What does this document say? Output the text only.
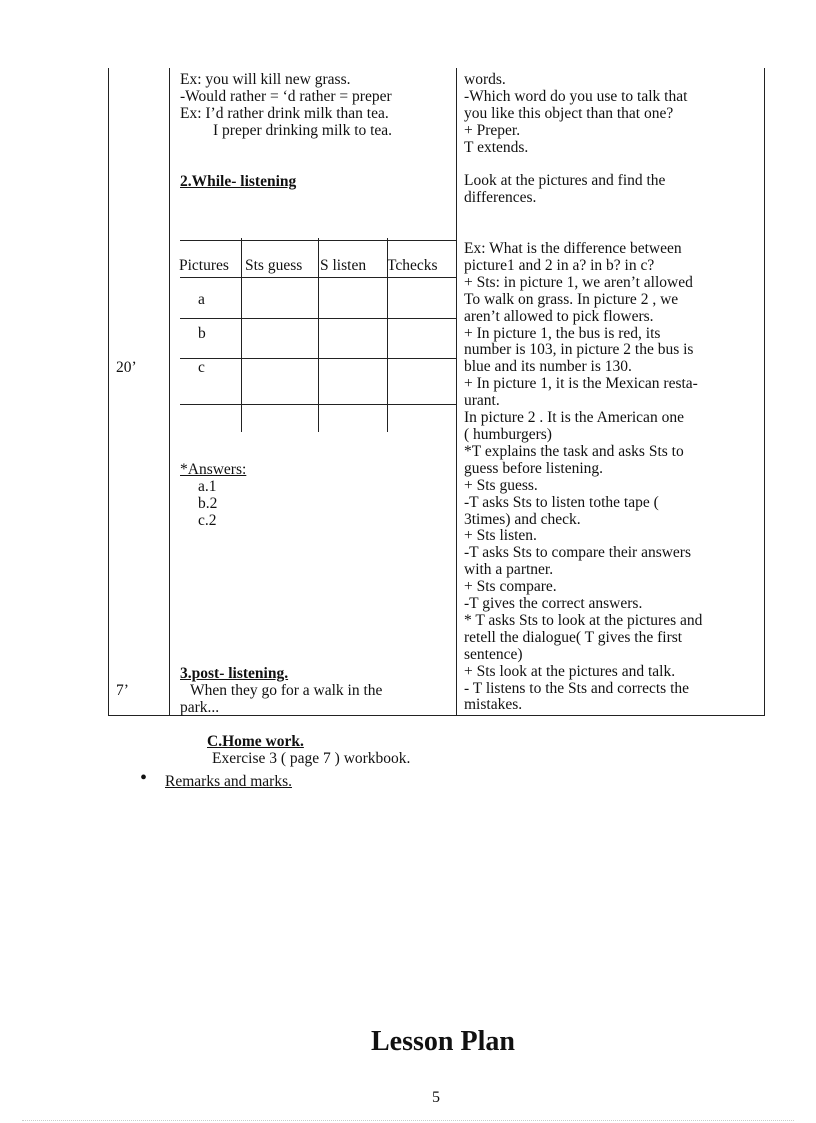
20’
7’
Ex: you will kill new grass.
-Would rather = ‘d rather = preper
Ex: I’d rather drink milk than tea.
I preper drinking milk to tea.
2.While- listening
Pictures Sts guess S listen Tchecks
a
b
c
*Answers:
a.1
b.2
c.2
3.post- listening.
When they go for a walk in the
park...
words.
-Which word do you use to talk that
you like this object than that one?
+ Preper.
T extends.
Look at the pictures and find the
differences.
Ex: What is the difference between
picture1 and 2 in a? in b? in c?
+ Sts: in picture 1, we aren’t allowed
To walk on grass. In picture 2 , we
aren’t allowed to pick flowers.
+ In picture 1, the bus is red, its
number is 103, in picture 2 the bus is
blue and its number is 130.
+ In picture 1, it is the Mexican resta-
urant.
In picture 2 . It is the American one
( humburgers)
*T explains the task and asks Sts to
guess before listening.
+ Sts guess.
-T asks Sts to listen tothe tape (
3times) and check.
+ Sts listen.
-T asks Sts to compare their answers
with a partner.
+ Sts compare.
-T gives the correct answers.
* T asks Sts to look at the pictures and
retell the dialogue( T gives the first
sentence)
+ Sts look at the pictures and talk.
- T listens to the Sts and corrects the
mistakes.
C.Home work.
Exercise 3 ( page 7 ) workbook.
• Remarks and marks.
Lesson Plan
5
